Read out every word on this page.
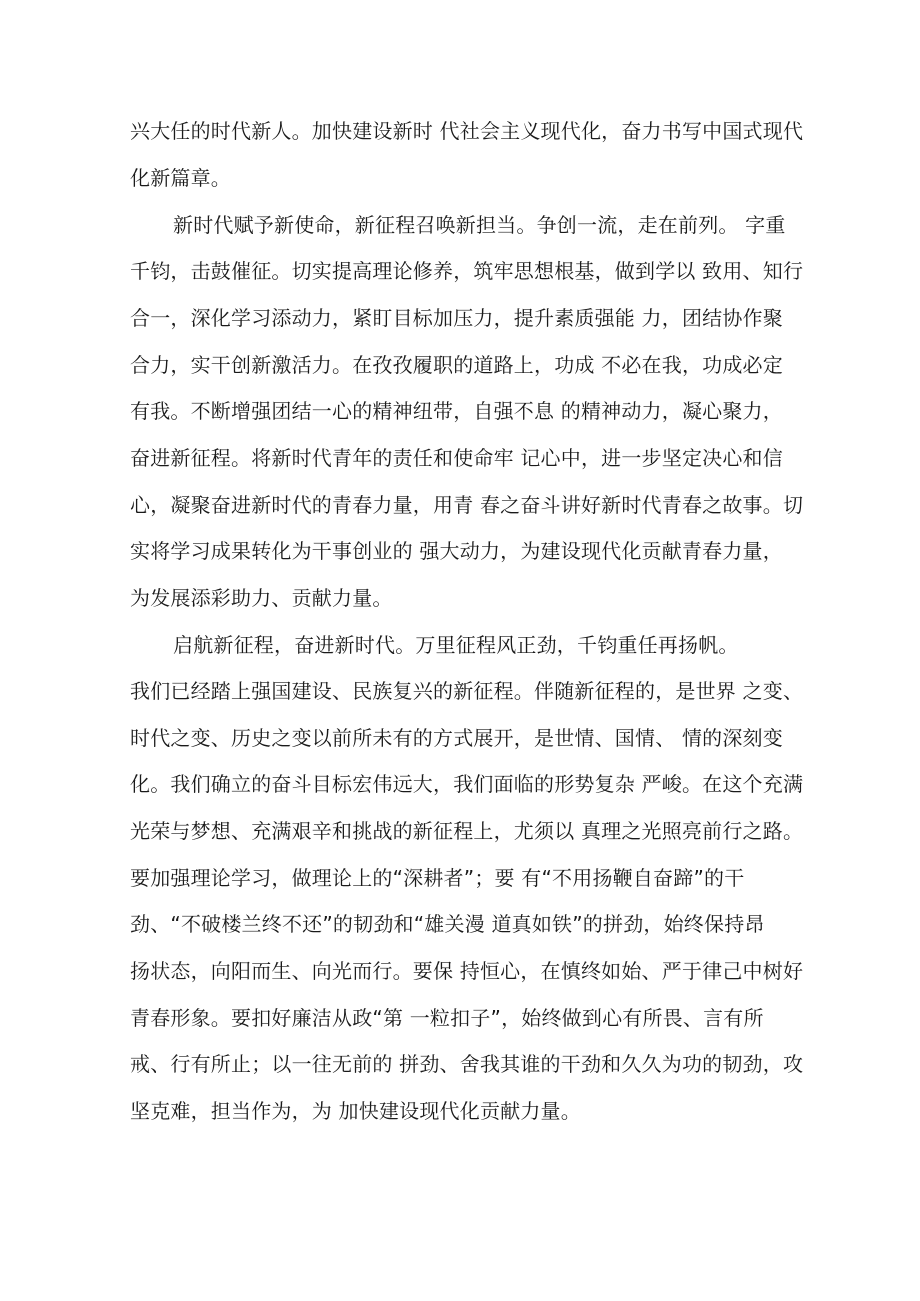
兴大任的时代新人。加快建设新时 代社会主义现代化，奋力书写中国式现代
化新篇章。
新时代赋予新使命，新征程召唤新担当。争创一流，走在前列。 字重
千钧，击鼓催征。切实提高理论修养，筑牢思想根基，做到学以 致用、知行
合一，深化学习添动力，紧盯目标加压力，提升素质强能 力，团结协作聚
合力，实干创新激活力。在孜孜履职的道路上，功成 不必在我，功成必定
有我。不断增强团结一心的精神纽带，自强不息 的精神动力，凝心聚力，
奋进新征程。将新时代青年的责任和使命牢 记心中，进一步坚定决心和信
心，凝聚奋进新时代的青春力量，用青 春之奋斗讲好新时代青春之故事。切
实将学习成果转化为干事创业的 强大动力，为建设现代化贡献青春力量，
为发展添彩助力、贡献力量。
启航新征程，奋进新时代。万里征程风正劲，千钧重任再扬帆。
我们已经踏上强国建设、民族复兴的新征程。伴随新征程的，是世界 之变、
时代之变、历史之变以前所未有的方式展开，是世情、国情、 情的深刻变
化。我们确立的奋斗目标宏伟远大，我们面临的形势复杂 严峻。在这个充满
光荣与梦想、充满艰辛和挑战的新征程上，尤须以 真理之光照亮前行之路。
要加强理论学习，做理论上的“深耕者”；要 有“不用扬鞭自奋蹄”的干
劲、“不破楼兰终不还”的韧劲和“雄关漫 道真如铁”的拼劲，始终保持昂
扬状态，向阳而生、向光而行。要保 持恒心，在慎终如始、严于律己中树好
青春形象。要扣好廉洁从政“第 一粒扣子”，始终做到心有所畏、言有所
戒、行有所止；以一往无前的 拼劲、舍我其谁的干劲和久久为功的韧劲，攻
坚克难，担当作为，为 加快建设现代化贡献力量。
